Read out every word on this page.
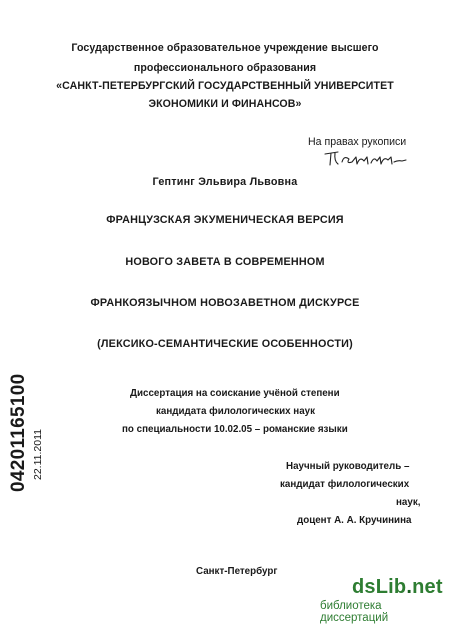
Государственное образовательное учреждение высшего
профессионального образования
«САНКТ-ПЕТЕРБУРГСКИЙ ГОСУДАРСТВЕННЫЙ УНИВЕРСИТЕТ
ЭКОНОМИКИ И ФИНАНСОВ»
На правах рукописи
Гептинг Эльвира Львовна
ФРАНЦУЗСКАЯ ЭКУМЕНИЧЕСКАЯ ВЕРСИЯ
НОВОГО ЗАВЕТА В СОВРЕМЕННОМ
ФРАНКОЯЗЫЧНОМ НОВОЗАВЕТНОМ ДИСКУРСЕ
(ЛЕКСИКО-СЕМАНТИЧЕСКИЕ ОСОБЕННОСТИ)
Диссертация на соискание учёной степени
кандидата филологических наук
по специальности 10.02.05 – романские языки
Научный руководитель –
кандидат филологических
наук,
доцент А. А. Кручинина
Санкт-Петербург
04201165100 22.11.2011
dsLib.net
библиотека диссертаций
